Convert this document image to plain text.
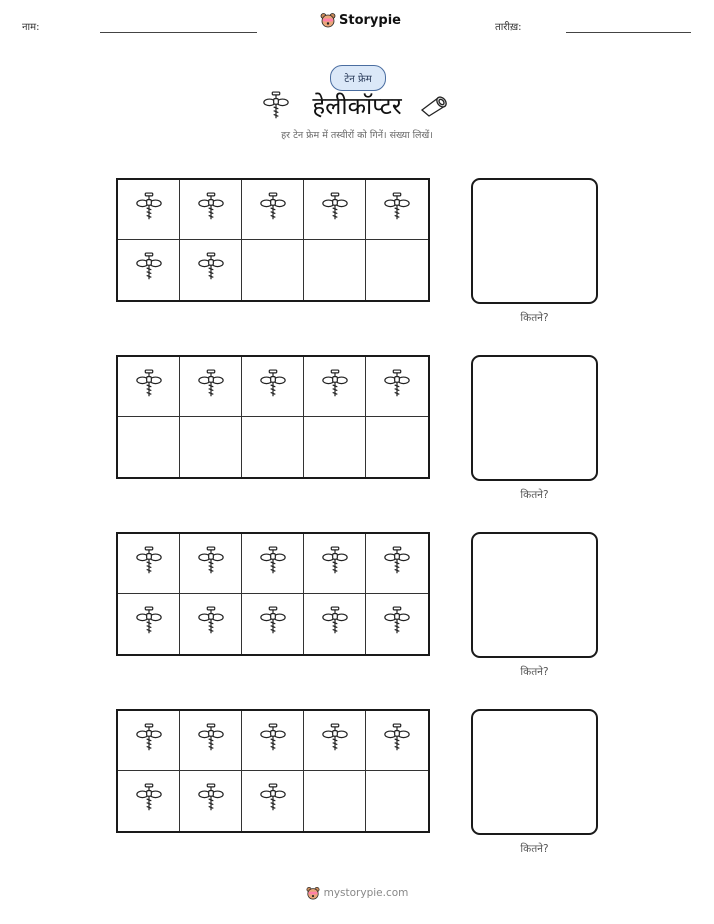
नाम:	Storypie	तारीख़:
टेन फ्रेम
हेलीकॉप्टर
हर टेन फ्रेम में तस्वीरों को गिनें। संख्या लिखें।
कितने?
कितने?
कितने?
कितने?
mystorypie.com
